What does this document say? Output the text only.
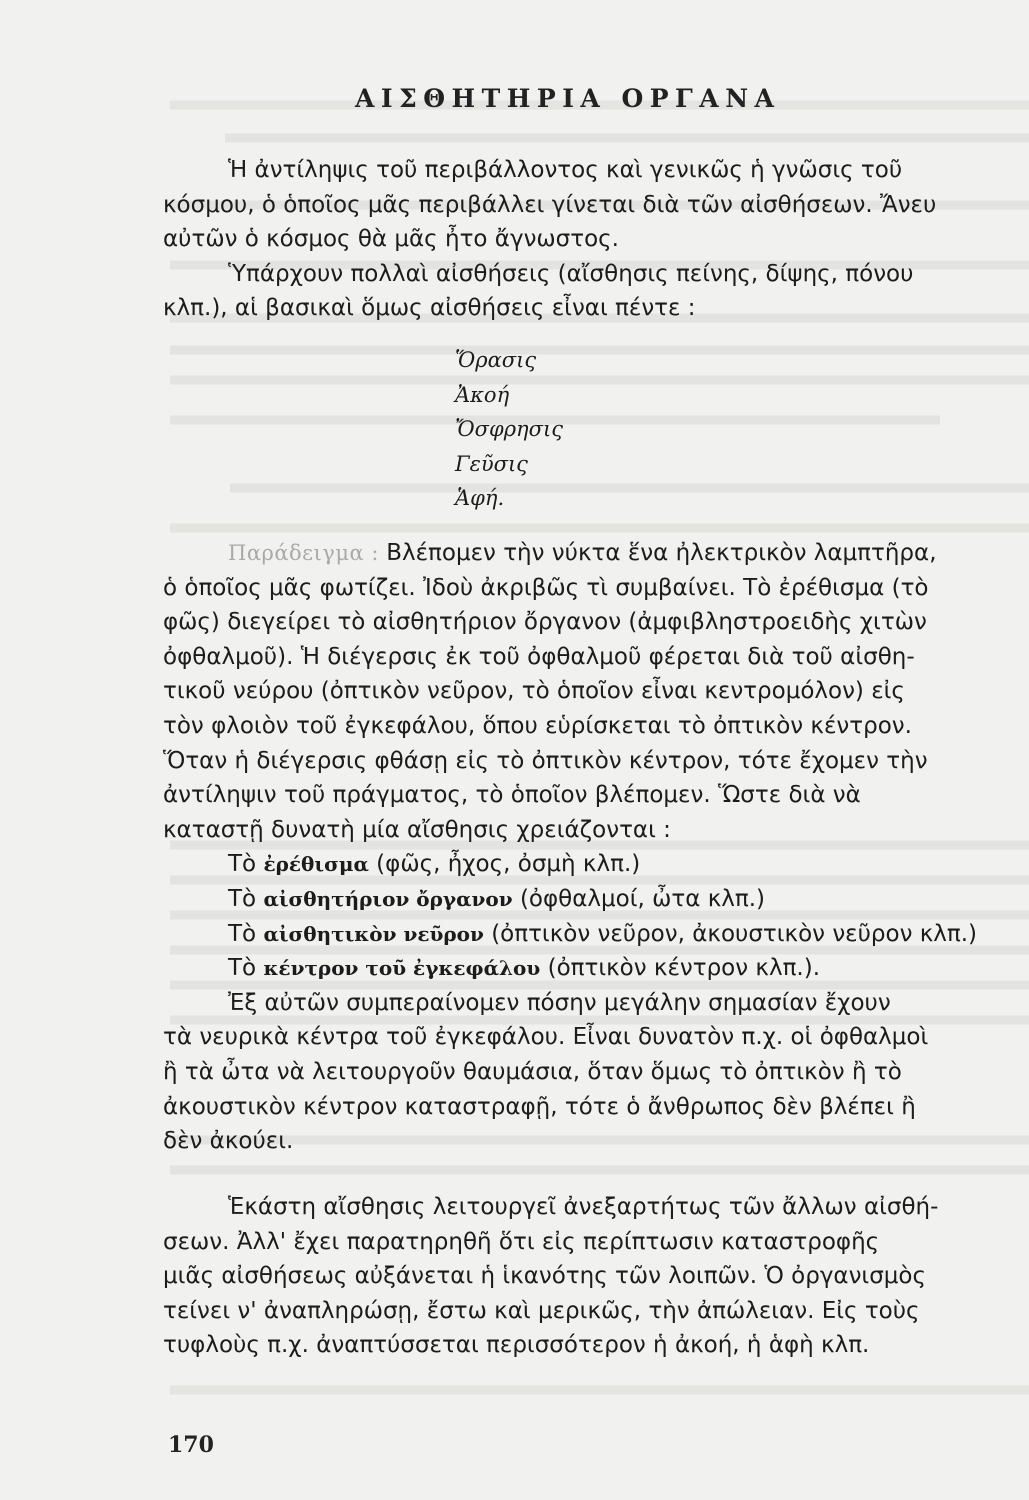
ΑΙΣΘΗΤΗΡΙΑ ΟΡΓΑΝΑ
Ἡ ἀντίληψις τοῦ περιβάλλοντος καὶ γενικῶς ἡ γνῶσις τοῦ
κόσμου, ὁ ὁποῖος μᾶς περιβάλλει γίνεται διὰ τῶν αἰσθήσεων. Ἄνευ
αὐτῶν ὁ κόσμος θὰ μᾶς ἦτο ἄγνωστος.
Ὑπάρχουν πολλαὶ αἰσθήσεις (αἴσθησις πείνης, δίψης, πόνου
κλπ.), αἱ βασικαὶ ὅμως αἰσθήσεις εἶναι πέντε :
Ὅρασις
Ἀκοή
Ὄσφρησις
Γεῦσις
Ἁφή.
Παράδειγμα : Βλέπομεν τὴν νύκτα ἕνα ἠλεκτρικὸν λαμπτῆρα,
ὁ ὁποῖος μᾶς φωτίζει. Ἰδοὺ ἀκριβῶς τὶ συμβαίνει. Τὸ ἐρέθισμα (τὸ
φῶς) διεγείρει τὸ αἰσθητήριον ὄργανον (ἀμφιβληστροειδὴς χιτὼν
ὀφθαλμοῦ). Ἡ διέγερσις ἐκ τοῦ ὀφθαλμοῦ φέρεται διὰ τοῦ αἰσθη-
τικοῦ νεύρου (ὀπτικὸν νεῦρον, τὸ ὁποῖον εἶναι κεντρομόλον) εἰς
τὸν φλοιὸν τοῦ ἐγκεφάλου, ὅπου εὑρίσκεται τὸ ὀπτικὸν κέντρον.
Ὅταν ἡ διέγερσις φθάσῃ εἰς τὸ ὀπτικὸν κέντρον, τότε ἔχομεν τὴν
ἀντίληψιν τοῦ πράγματος, τὸ ὁποῖον βλέπομεν. Ὥστε διὰ νὰ
καταστῇ δυνατὴ μία αἴσθησις χρειάζονται :
Τὸ ἐρέθισμα (φῶς, ἦχος, ὀσμὴ κλπ.)
Τὸ αἰσθητήριον ὄργανον (ὀφθαλμοί, ὦτα κλπ.)
Τὸ αἰσθητικὸν νεῦρον (ὀπτικὸν νεῦρον, ἀκουστικὸν νεῦρον κλπ.)
Τὸ κέντρον τοῦ ἐγκεφάλου (ὀπτικὸν κέντρον κλπ.).
Ἐξ αὐτῶν συμπεραίνομεν πόσην μεγάλην σημασίαν ἔχουν
τὰ νευρικὰ κέντρα τοῦ ἐγκεφάλου. Εἶναι δυνατὸν π.χ. οἱ ὀφθαλμοὶ
ἢ τὰ ὦτα νὰ λειτουργοῦν θαυμάσια, ὅταν ὅμως τὸ ὀπτικὸν ἢ τὸ
ἀκουστικὸν κέντρον καταστραφῇ, τότε ὁ ἄνθρωπος δὲν βλέπει ἢ
δὲν ἀκούει.
Ἑκάστη αἴσθησις λειτουργεῖ ἀνεξαρτήτως τῶν ἄλλων αἰσθή-
σεων. Ἀλλ' ἔχει παρατηρηθῆ ὅτι εἰς περίπτωσιν καταστροφῆς
μιᾶς αἰσθήσεως αὐξάνεται ἡ ἱκανότης τῶν λοιπῶν. Ὁ ὀργανισμὸς
τείνει ν' ἀναπληρώσῃ, ἔστω καὶ μερικῶς, τὴν ἀπώλειαν. Εἰς τοὺς
τυφλοὺς π.χ. ἀναπτύσσεται περισσότερον ἡ ἀκοή, ἡ ἁφὴ κλπ.
170
